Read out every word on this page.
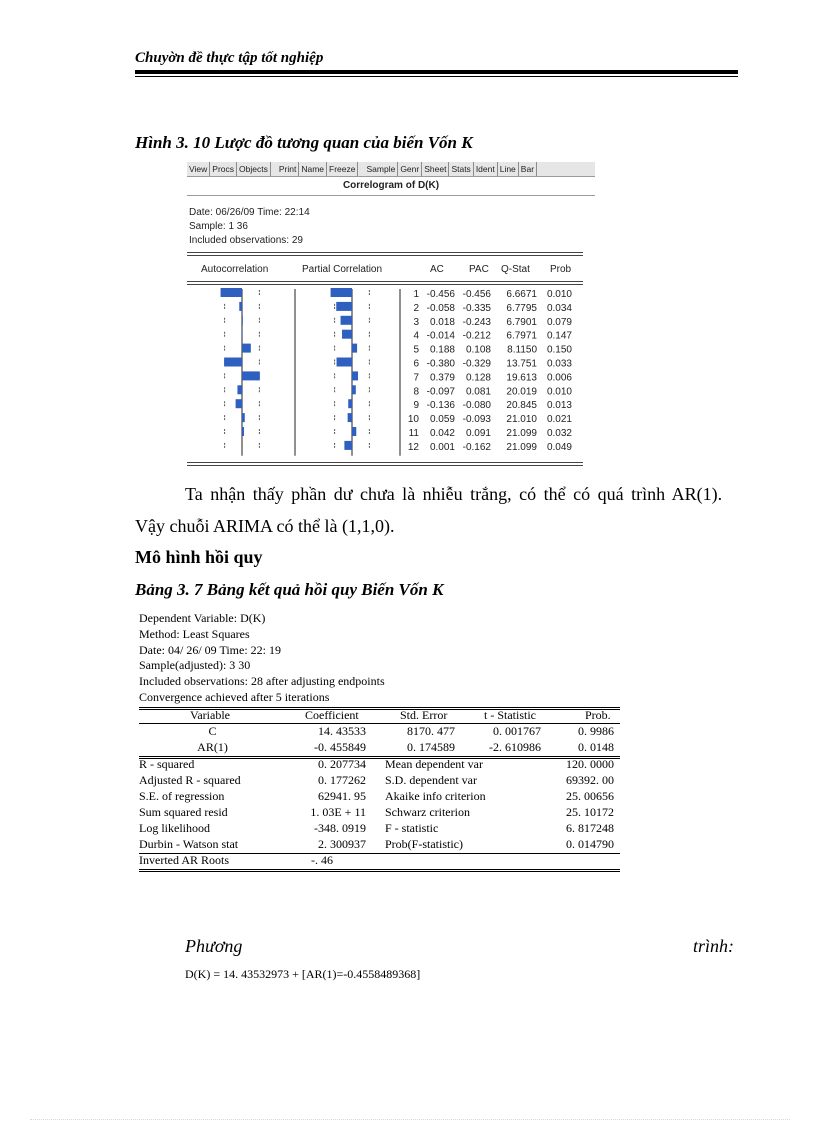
Chuyờn đề thực tập tốt nghiệp
Hình 3. 10 Lược đồ tương quan của biến Vốn K
View Procs Objects	Print Name Freeze	Sample Genr Sheet Stats Ident Line Bar
Correlogram of D(K)
Date: 06/26/09 Time: 22:14
Sample: 1 36
Included observations: 29
Autocorrelation	Partial Correlation	AC	PAC Q-Stat Prob
1 -0.456 -0.456 6.6671 0.010
2 -0.058 -0.335 6.7795 0.034
3 0.018 -0.243 6.7901 0.079
4 -0.014 -0.212 6.7971 0.147
5 0.188 0.108 8.1150 0.150
6 -0.380 -0.329 13.751 0.033
7 0.379 0.128 19.613 0.006
8 -0.097 0.081 20.019 0.010
9 -0.136 -0.080 20.845 0.013
10 0.059 -0.093 21.010 0.021
11 0.042 0.091 21.099 0.032
12 0.001 -0.162 21.099 0.049
Ta nhận thấy phần dư chưa là nhiễu trắng, có thể có quá trình AR(1).
Vậy chuỗi ARIMA có thể là (1,1,0).
Mô hình hồi quy
Bảng 3. 7 Bảng kết quả hồi quy Biến Vốn K
Dependent Variable: D(K)
Method: Least Squares
Date: 04/ 26/ 09 Time: 22: 19
Sample(adjusted): 3 30
Included observations: 28 after adjusting endpoints
Convergence achieved after 5 iterations
Variable	Coefficient	Std. Error	t - Statistic	Prob.
C	14. 43533	8170. 477	0. 001767	0. 9986
AR(1)	-0. 455849	0. 174589	-2. 610986	0. 0148
R - squared	0. 207734 Mean dependent var	120. 0000
Adjusted R - squared	0. 177262 S.D. dependent var	69392. 00
S.E. of regression	62941. 95 Akaike info criterion	25. 00656
Sum squared resid	1. 03E + 11 Schwarz criterion	25. 10172
Log likelihood	-348. 0919 F - statistic	6. 817248
Durbin - Watson stat	2. 300937 Prob(F-statistic)	0. 014790
Inverted AR Roots	-. 46
Phương	trình:
D(K) = 14. 43532973 + [AR(1)=-0.4558489368]
